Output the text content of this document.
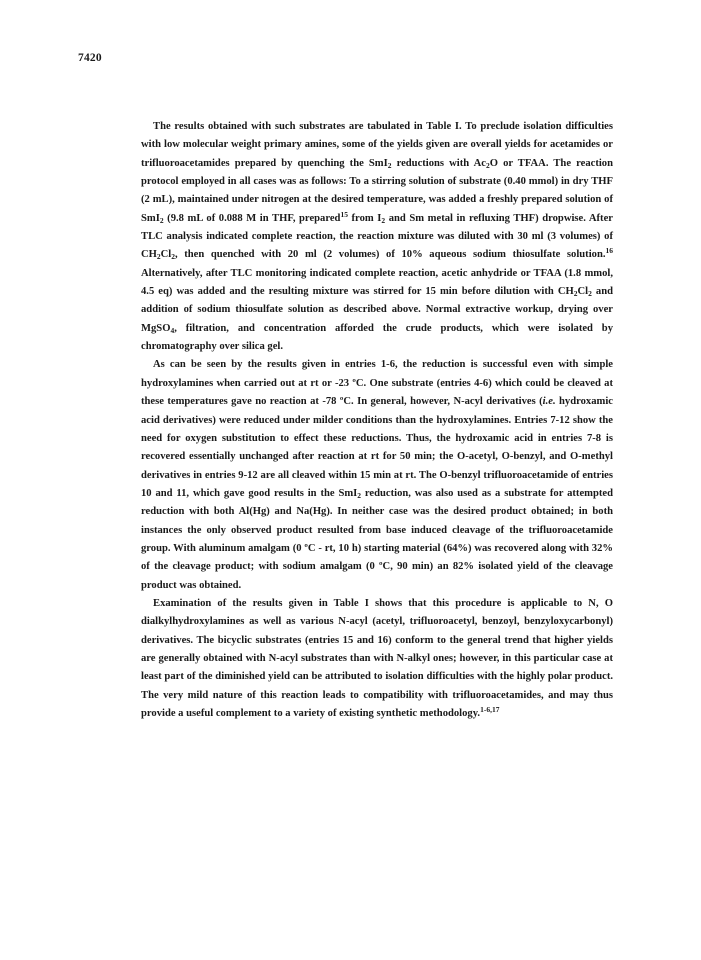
7420

The results obtained with such substrates are tabulated in Table I. To preclude isolation difficulties with low molecular weight primary amines, some of the yields given are overall yields for acetamides or trifluoroacetamides prepared by quenching the SmI$_2$ reductions with $Ac_2O$ or TFAA. The reaction protocol employed in all cases was as follows: To a stirring solution of substrate (0.40 mmol) in dry THF (2 mL), maintained under nitrogen at the desired temperature, was added a freshly prepared solution of SmI$_2$ (9.8 mL of 0.088 M in THF, prepared$^{15}$ from $I_2$ and Sm metal in refluxing THF) dropwise. After TLC analysis indicated complete reaction, the reaction mixture was diluted with 30 ml (3 volumes) of $CH_2Cl_2$, then quenched with 20 ml (2 volumes) of 10% aqueous sodium thiosulfate solution.$^{16}$ Alternatively, after TLC monitoring indicated complete reaction, acetic anhydride or TFAA (1.8 mmol, 4.5 eq) was added and the resulting mixture was stirred for 15 min before dilution with $CH_2Cl_2$ and addition of sodium thiosulfate solution as described above. Normal extractive workup, drying over MgSO$_4$, filtration, and concentration afforded the crude products, which were isolated by chromatography over silica gel.

As can be seen by the results given in entries 1-6, the reduction is successful even with simple hydroxylamines when carried out at rt or -23 ºC. One substrate (entries 4-6) which could be cleaved at these temperatures gave no reaction at -78 ºC. In general, however, N-acyl derivatives (i.e. hydroxamic acid derivatives) were reduced under milder conditions than the hydroxylamines. Entries 7-12 show the need for oxygen substitution to effect these reductions. Thus, the hydroxamic acid in entries 7-8 is recovered essentially unchanged after reaction at rt for 50 min; the O-acetyl, O-benzyl, and O-methyl derivatives in entries 9-12 are all cleaved within 15 min at rt. The O-benzyl trifluoroacetamide of entries 10 and 11, which gave good results in the SmI$_2$ reduction, was also used as a substrate for attempted reduction with both Al(Hg) and Na(Hg). In neither case was the desired product obtained; in both instances the only observed product resulted from base induced cleavage of the trifluoroacetamide group. With aluminum amalgam (0 ºC - rt, 10 h) starting material (64%) was recovered along with 32% of the cleavage product; with sodium amalgam (0 ºC, 90 min) an 82% isolated yield of the cleavage product was obtained.

Examination of the results given in Table I shows that this procedure is applicable to N, O dialkylhydroxylamines as well as various N-acyl (acetyl, trifluoroacetyl, benzoyl, benzyloxycarbonyl) derivatives. The bicyclic substrates (entries 15 and 16) conform to the general trend that higher yields are generally obtained with N-acyl substrates than with N-alkyl ones; however, in this particular case at least part of the diminished yield can be attributed to isolation difficulties with the highly polar product. The very mild nature of this reaction leads to compatibility with trifluoroacetamides, and may thus provide a useful complement to a variety of existing synthetic methodology.$^{1-6,17}$
